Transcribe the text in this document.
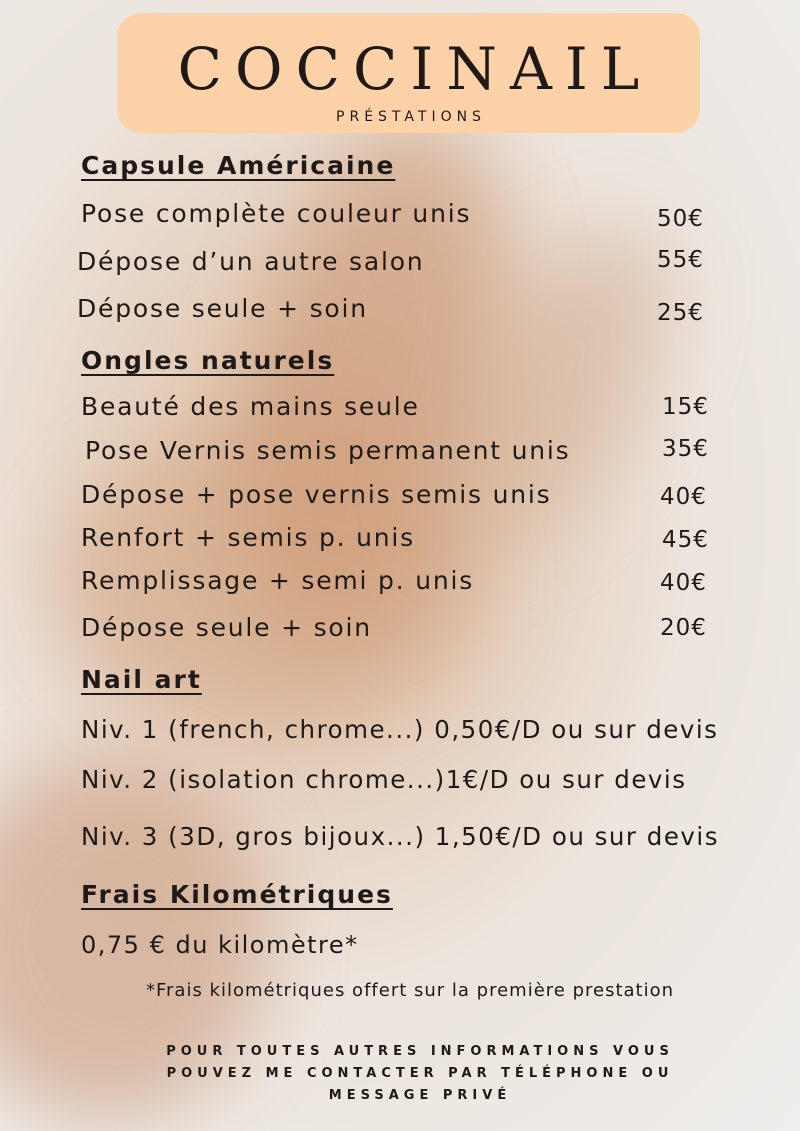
COCCINAIL
PRÉSTATIONS
Capsule Américaine
Pose complète couleur unis	50€
Dépose d’un autre salon	55€
Dépose seule + soin	25€
Ongles naturels
Beauté des mains seule	15€
Pose Vernis semis permanent unis	35€
Dépose + pose vernis semis unis	40€
Renfort + semis p. unis	45€
Remplissage + semi p. unis	40€
Dépose seule + soin	20€
Nail art
Niv. 1 (french, chrome...) 0,50€/D ou sur devis
Niv. 2 (isolation chrome...)1€/D ou sur devis
Niv. 3 (3D, gros bijoux...) 1,50€/D ou sur devis
Frais Kilométriques
0,75 € du kilomètre*
*Frais kilométriques offert sur la première prestation
POUR TOUTES AUTRES INFORMATIONS VOUS
POUVEZ ME CONTACTER PAR TÉLÉPHONE OU
MESSAGE PRIVÉ
